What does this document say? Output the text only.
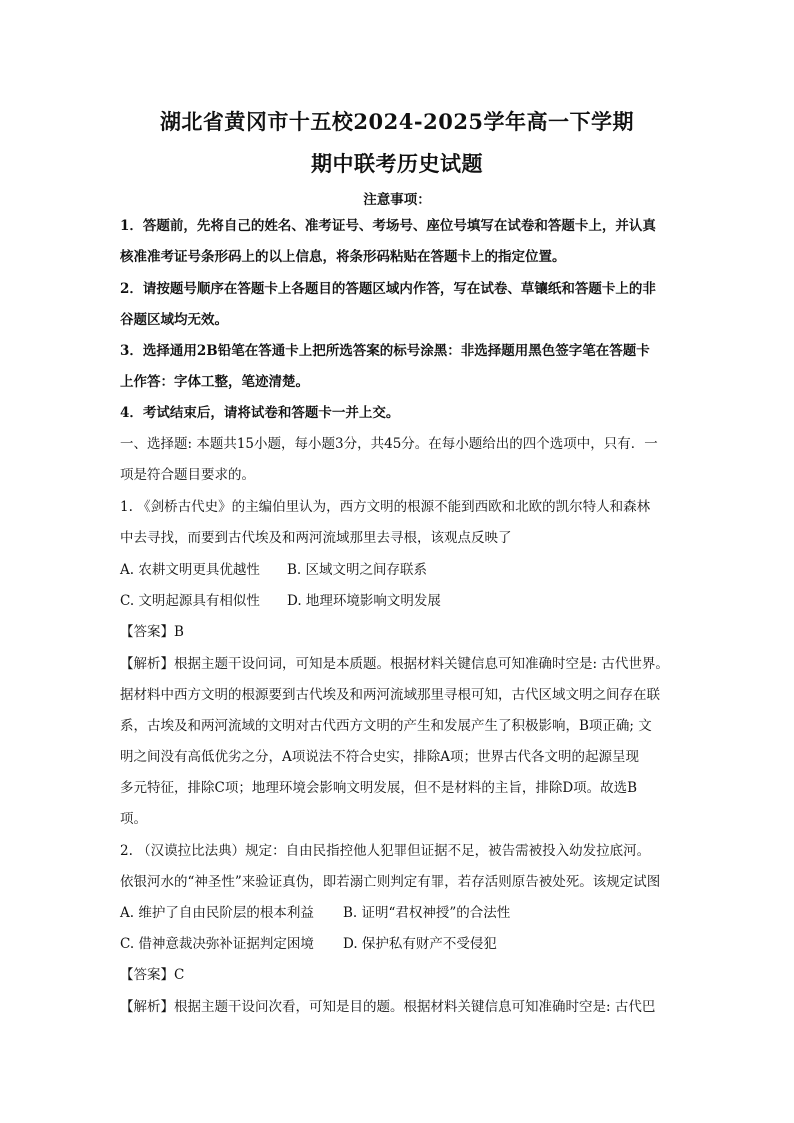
湖北省黄冈市十五校2024-2025学年高一下学期
期中联考历史试题
注意事项：
1．答题前，先将自己的姓名、准考证号、考场号、座位号填写在试卷和答题卡上，并认真
核准准考证号条形码上的以上信息，将条形码粘贴在答题卡上的指定位置。
2．请按题号顺序在答题卡上各题目的答题区域内作答，写在试卷、草镶纸和答题卡上的非
谷题区域均无效。
3．选择通用2B铅笔在答通卡上把所选答案的标号涂黑：非选择题用黑色签字笔在答题卡
上作答：字体工整，笔迹清楚。
4．考试结束后，请将试卷和答题卡一并上交。
一、选择题: 本题共15小题，每小题3分，共45分。在每小题给出的四个选项中，只有．一
项是符合题目要求的。
1. 《剑桥古代史》的主编伯里认为，西方文明的根源不能到西欧和北欧的凯尔特人和森林
中去寻找，而要到古代埃及和两河流域那里去寻根，该观点反映了
A. 农耕文明更具优越性 B. 区域文明之间存联系
C. 文明起源具有相似性 D. 地理环境影响文明发展
【答案】B
【解析】根据主题干设问词，可知是本质题。根据材料关键信息可知准确时空是: 古代世界。
据材料中西方文明的根源要到古代埃及和两河流域那里寻根可知，古代区域文明之间存在联
系，古埃及和两河流域的文明对古代西方文明的产生和发展产生了积极影响，B项正确; 文
明之间没有高低优劣之分，A项说法不符合史实，排除A项；世界古代各文明的起源呈现
多元特征，排除C项；地理环境会影响文明发展，但不是材料的主旨，排除D项。故选B
项。
2. （汉谟拉比法典）规定：自由民指控他人犯罪但证据不足，被告需被投入幼发拉底河。
依银河水的“神圣性”来验证真伪，即若溺亡则判定有罪，若存活则原告被处死。该规定试图
A. 维护了自由民阶层的根本利益 B. 证明“君权神授”的合法性
C. 借神意裁决弥补证据判定困境 D. 保护私有财产不受侵犯
【答案】C
【解析】根据主题干设问次看，可知是目的题。根据材料关键信息可知准确时空是: 古代巴
